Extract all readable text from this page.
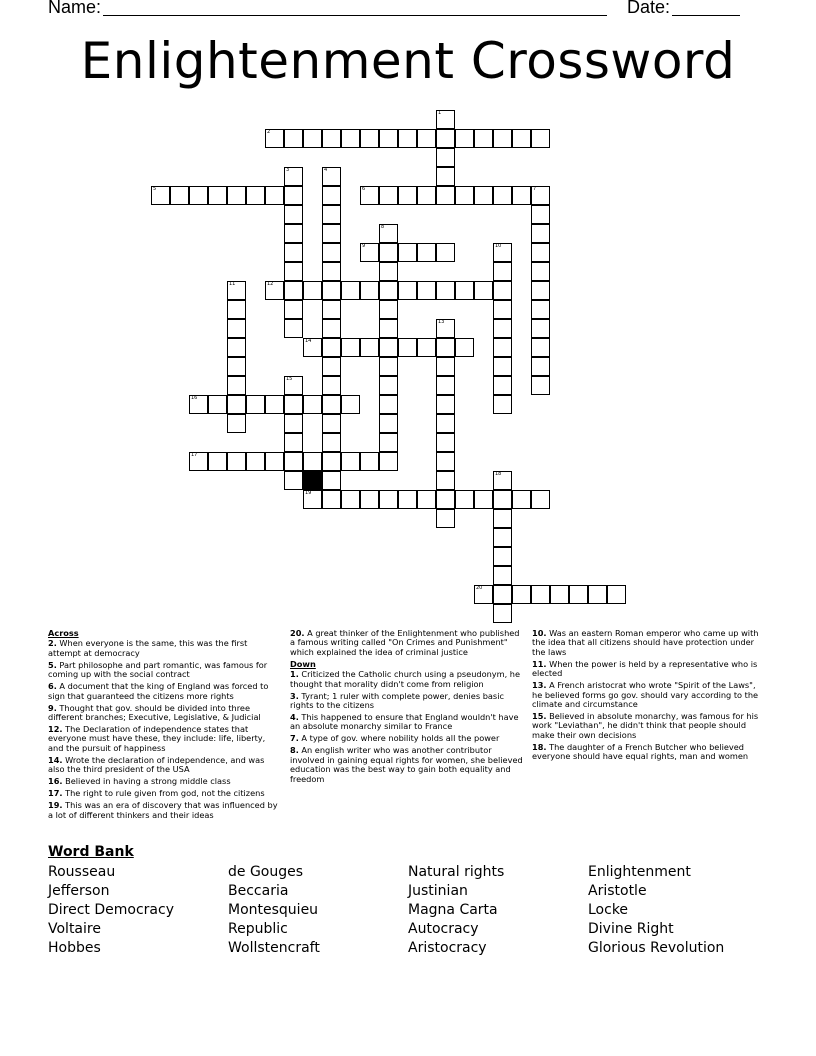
Name:	Date:
Enlightenment Crossword
1
2
3	4
5	6	7
8
9	10
11	12
13
14
15
16
17
18
19
20
Across
2. When everyone is the same, this was the first attempt at democracy
5. Part philosophe and part romantic, was famous for coming up with the social contract
6. A document that the king of England was forced to sign that guaranteed the citizens more rights
9. Thought that gov. should be divided into three different branches; Executive, Legislative, & Judicial
12. The Declaration of independence states that everyone must have these, they include: life, liberty, and the pursuit of happiness
14. Wrote the declaration of independence, and was also the third president of the USA
16. Believed in having a strong middle class
17. The right to rule given from god, not the citizens
19. This was an era of discovery that was influenced by a lot of different thinkers and their ideas
20. A great thinker of the Enlightenment who published a famous writing called "On Crimes and Punishment" which explained the idea of criminal justice
Down
1. Criticized the Catholic church using a pseudonym, he thought that morality didn't come from religion
3. Tyrant; 1 ruler with complete power, denies basic rights to the citizens
4. This happened to ensure that England wouldn't have an absolute monarchy similar to France
7. A type of gov. where nobility holds all the power
8. An english writer who was another contributor involved in gaining equal rights for women, she believed education was the best way to gain both equality and freedom
10. Was an eastern Roman emperor who came up with the idea that all citizens should have protection under the laws
11. When the power is held by a representative who is elected
13. A French aristocrat who wrote "Spirit of the Laws", he believed forms go gov. should vary according to the climate and circumstance
15. Believed in absolute monarchy, was famous for his work "Leviathan", he didn't think that people should make their own decisions
18. The daughter of a French Butcher who believed everyone should have equal rights, man and women
Word Bank
Rousseau
Jefferson
Direct Democracy
Voltaire
Hobbes
de Gouges
Beccaria
Montesquieu
Republic
Wollstencraft
Natural rights
Justinian
Magna Carta
Autocracy
Aristocracy
Enlightenment
Aristotle
Locke
Divine Right
Glorious Revolution
